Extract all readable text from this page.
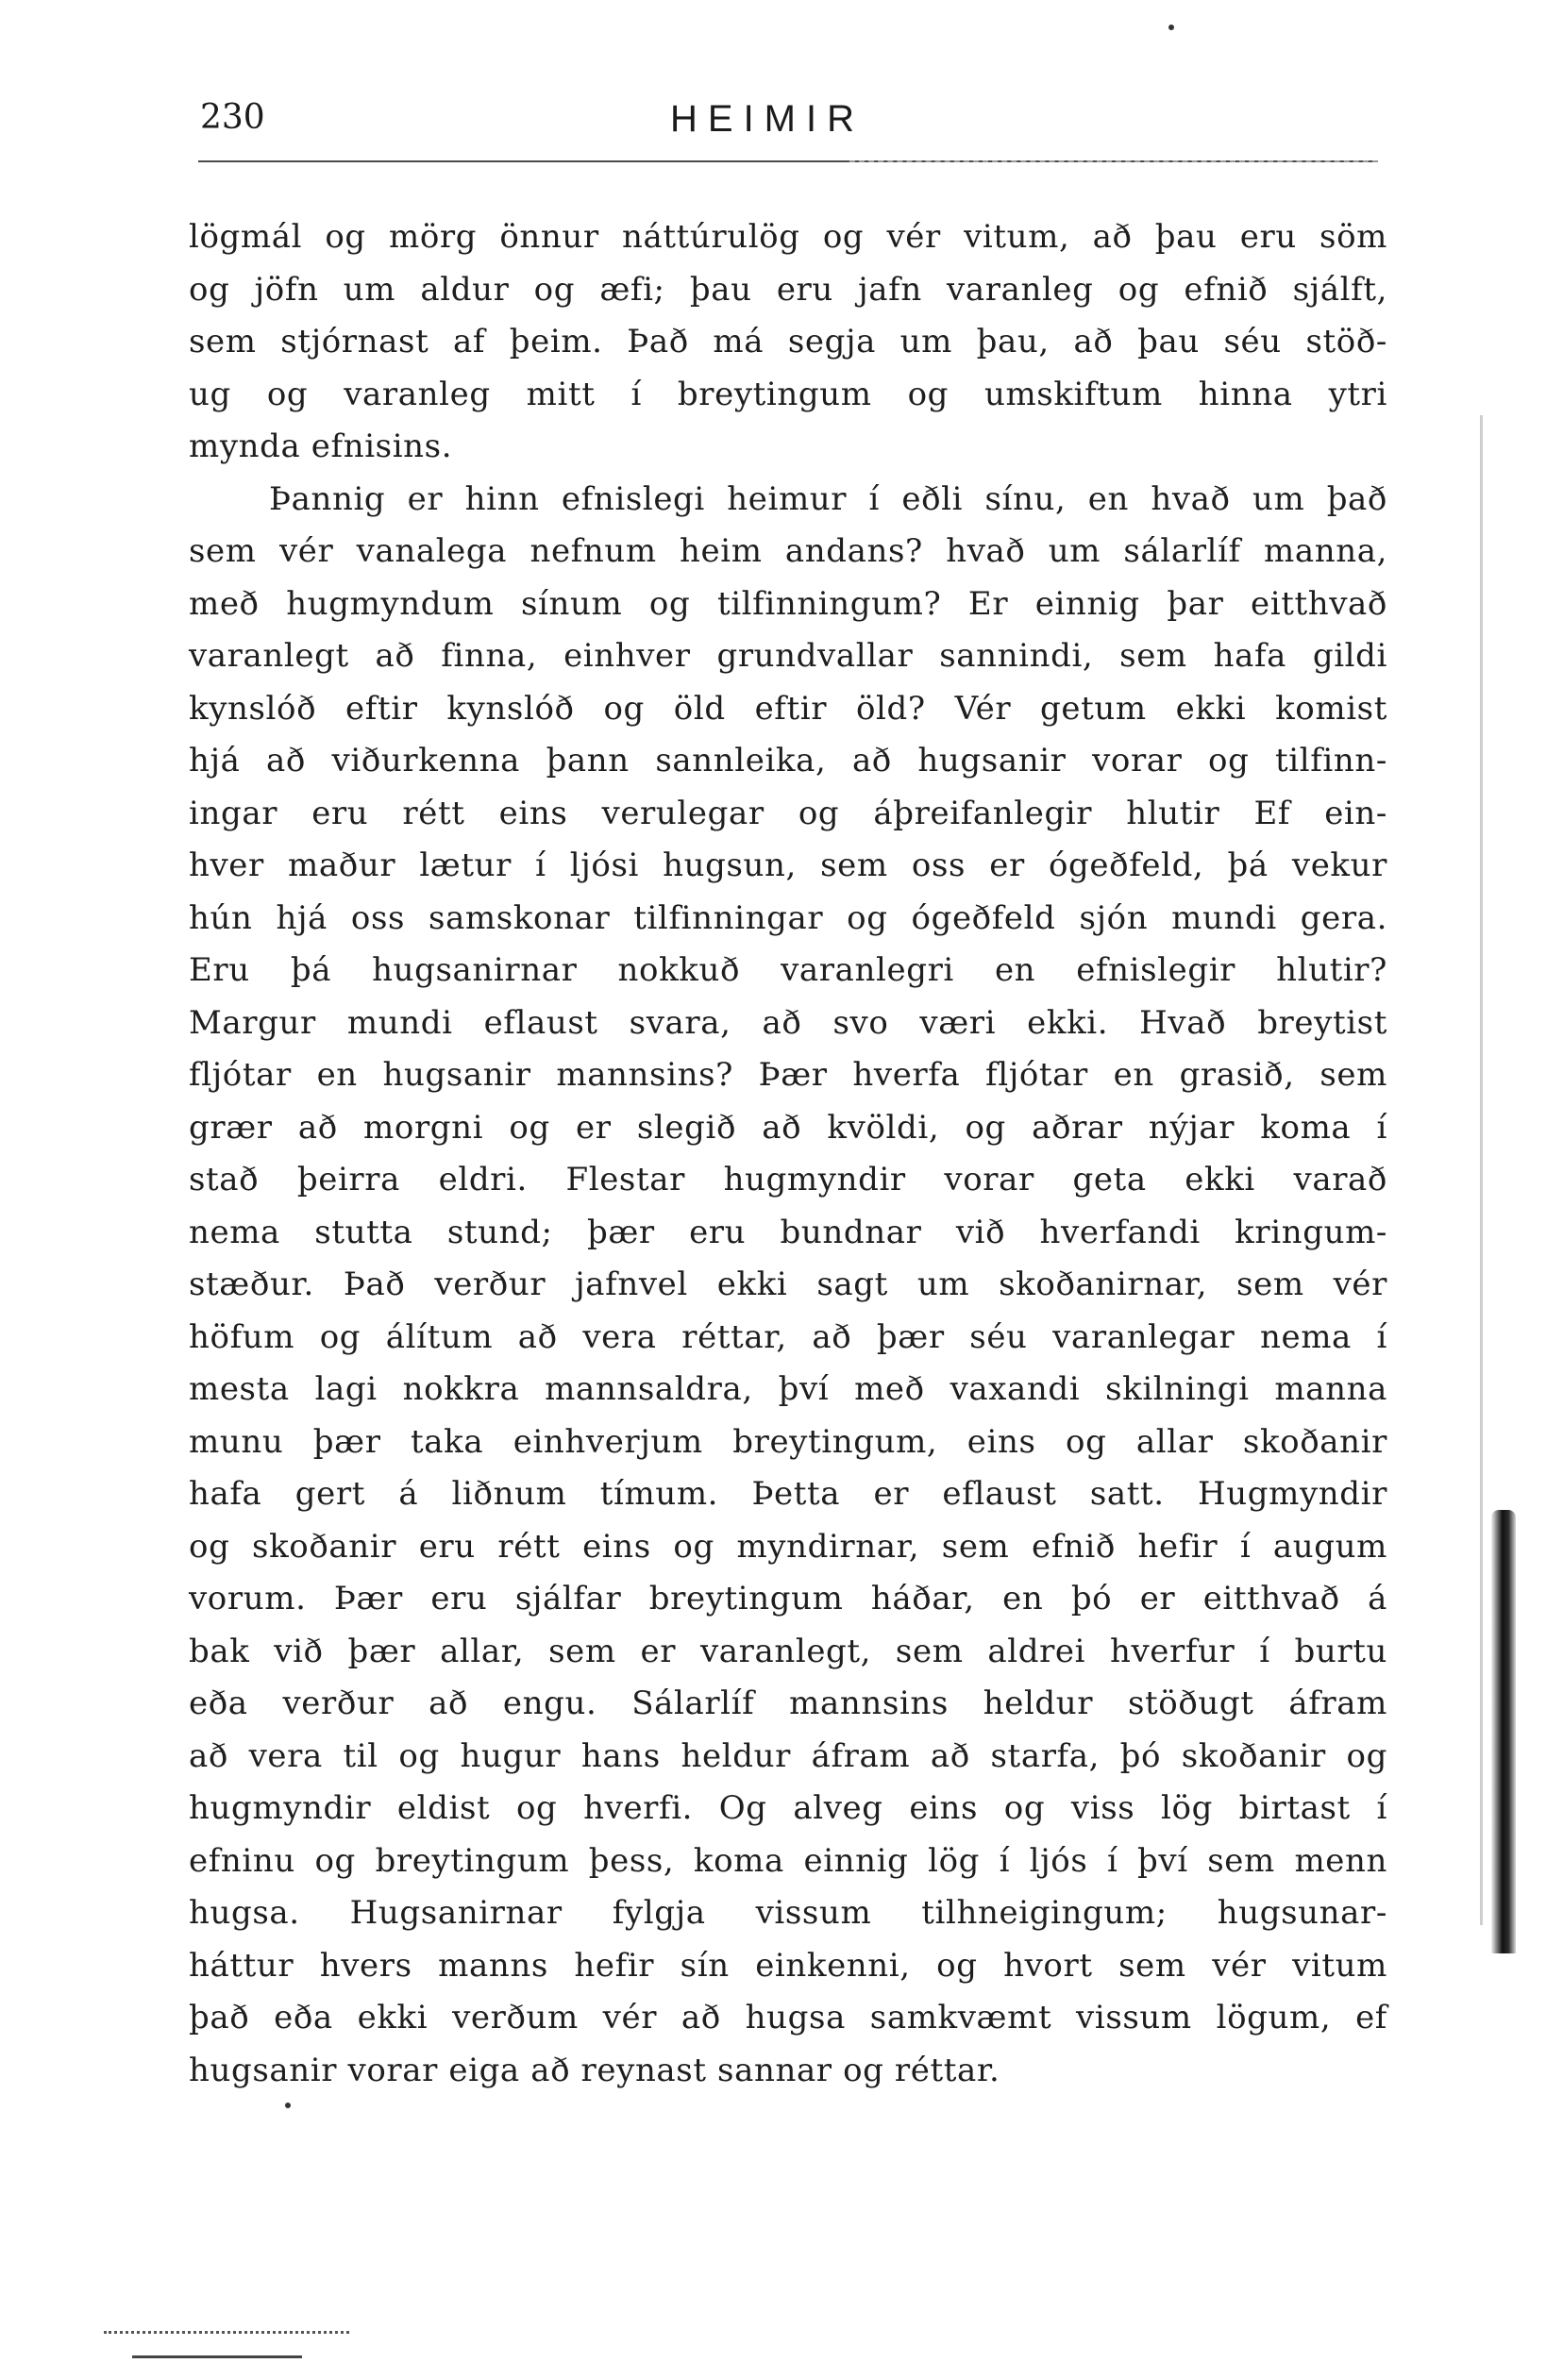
230	HEIMIR
lögmál og mörg önnur náttúrulög og vér vitum, að þau eru söm
og jöfn um aldur og æfi; þau eru jafn varanleg og efnið sjálft,
sem stjórnast af þeim. Það má segja um þau, að þau séu stöð-
ug og varanleg mitt í breytingum og umskiftum hinna ytri
mynda efnisins.
Þannig er hinn efnislegi heimur í eðli sínu, en hvað um það
sem vér vanalega nefnum heim andans? hvað um sálarlíf manna,
með hugmyndum sínum og tilfinningum? Er einnig þar eitthvað
varanlegt að finna, einhver grundvallar sannindi, sem hafa gildi
kynslóð eftir kynslóð og öld eftir öld? Vér getum ekki komist
hjá að viðurkenna þann sannleika, að hugsanir vorar og tilfinn-
ingar eru rétt eins verulegar og áþreifanlegir hlutir Ef ein-
hver maður lætur í ljósi hugsun, sem oss er ógeðfeld, þá vekur
hún hjá oss samskonar tilfinningar og ógeðfeld sjón mundi gera.
Eru þá hugsanirnar nokkuð varanlegri en efnislegir hlutir?
Margur mundi eflaust svara, að svo væri ekki. Hvað breytist
fljótar en hugsanir mannsins? Þær hverfa fljótar en grasið, sem
grær að morgni og er slegið að kvöldi, og aðrar nýjar koma í
stað þeirra eldri. Flestar hugmyndir vorar geta ekki varað
nema stutta stund; þær eru bundnar við hverfandi kringum-
stæður. Það verður jafnvel ekki sagt um skoðanirnar, sem vér
höfum og álítum að vera réttar, að þær séu varanlegar nema í
mesta lagi nokkra mannsaldra, því með vaxandi skilningi manna
munu þær taka einhverjum breytingum, eins og allar skoðanir
hafa gert á liðnum tímum. Þetta er eflaust satt. Hugmyndir
og skoðanir eru rétt eins og myndirnar, sem efnið hefir í augum
vorum. Þær eru sjálfar breytingum háðar, en þó er eitthvað á
bak við þær allar, sem er varanlegt, sem aldrei hverfur í burtu
eða verður að engu. Sálarlíf mannsins heldur stöðugt áfram
að vera til og hugur hans heldur áfram að starfa, þó skoðanir og
hugmyndir eldist og hverfi. Og alveg eins og viss lög birtast í
efninu og breytingum þess, koma einnig lög í ljós í því sem menn
hugsa. Hugsanirnar fylgja vissum tilhneigingum; hugsunar-
háttur hvers manns hefir sín einkenni, og hvort sem vér vitum
það eða ekki verðum vér að hugsa samkvæmt vissum lögum, ef
hugsanir vorar eiga að reynast sannar og réttar.
